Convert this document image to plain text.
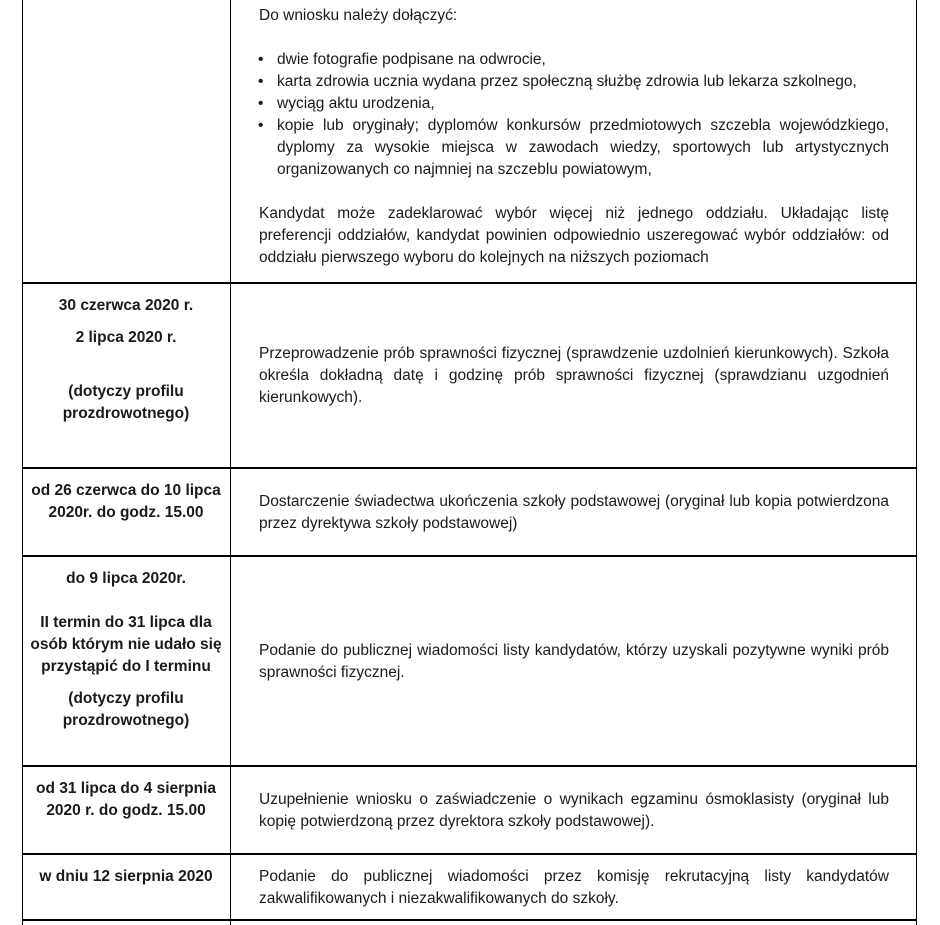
Do wniosku należy dołączyć:

• dwie fotografie podpisane na odwrocie,
• karta zdrowia ucznia wydana przez społeczną służbę zdrowia lub lekarza szkolnego,
• wyciąg aktu urodzenia,
• kopie lub oryginały; dyplomów konkursów przedmiotowych szczebla wojewódzkiego, dyplomy za wysokie miejsca w zawodach wiedzy, sportowych lub artystycznych organizowanych co najmniej na szczeblu powiatowym,

Kandydat może zadeklarować wybór więcej niż jednego oddziału. Układając listę preferencji oddziałów, kandydat powinien odpowiednio uszeregować wybór oddziałów: od oddziału pierwszego wyboru do kolejnych na niższych poziomach

30 czerwca 2020 r.
2 lipca 2020 r.
(dotyczy profilu prozdrowotnego)
Przeprowadzenie prób sprawności fizycznej (sprawdzenie uzdolnień kierunkowych). Szkoła określa dokładną datę i godzinę prób sprawności fizycznej (sprawdzianu uzgodnień kierunkowych).
od 26 czerwca do 10 lipca 2020r. do godz. 15.00
Dostarczenie świadectwa ukończenia szkoły podstawowej (oryginał lub kopia potwierdzona przez dyrektywa szkoły podstawowej)
do 9 lipca 2020r.
II termin do 31 lipca dla osób którym nie udało się przystąpić do I terminu
(dotyczy profilu prozdrowotnego)
Podanie do publicznej wiadomości listy kandydatów, którzy uzyskali pozytywne wyniki prób sprawności fizycznej.
od 31 lipca do 4 sierpnia 2020 r. do godz. 15.00
Uzupełnienie wniosku o zaświadczenie o wynikach egzaminu ósmoklasisty (oryginał lub kopię potwierdzoną przez dyrektora szkoły podstawowej).
w dniu 12 sierpnia 2020	Podanie do publicznej wiadomości przez komisję rekrutacyjną listy kandydatów zakwalifikowanych i niezakwalifikowanych do szkoły.
